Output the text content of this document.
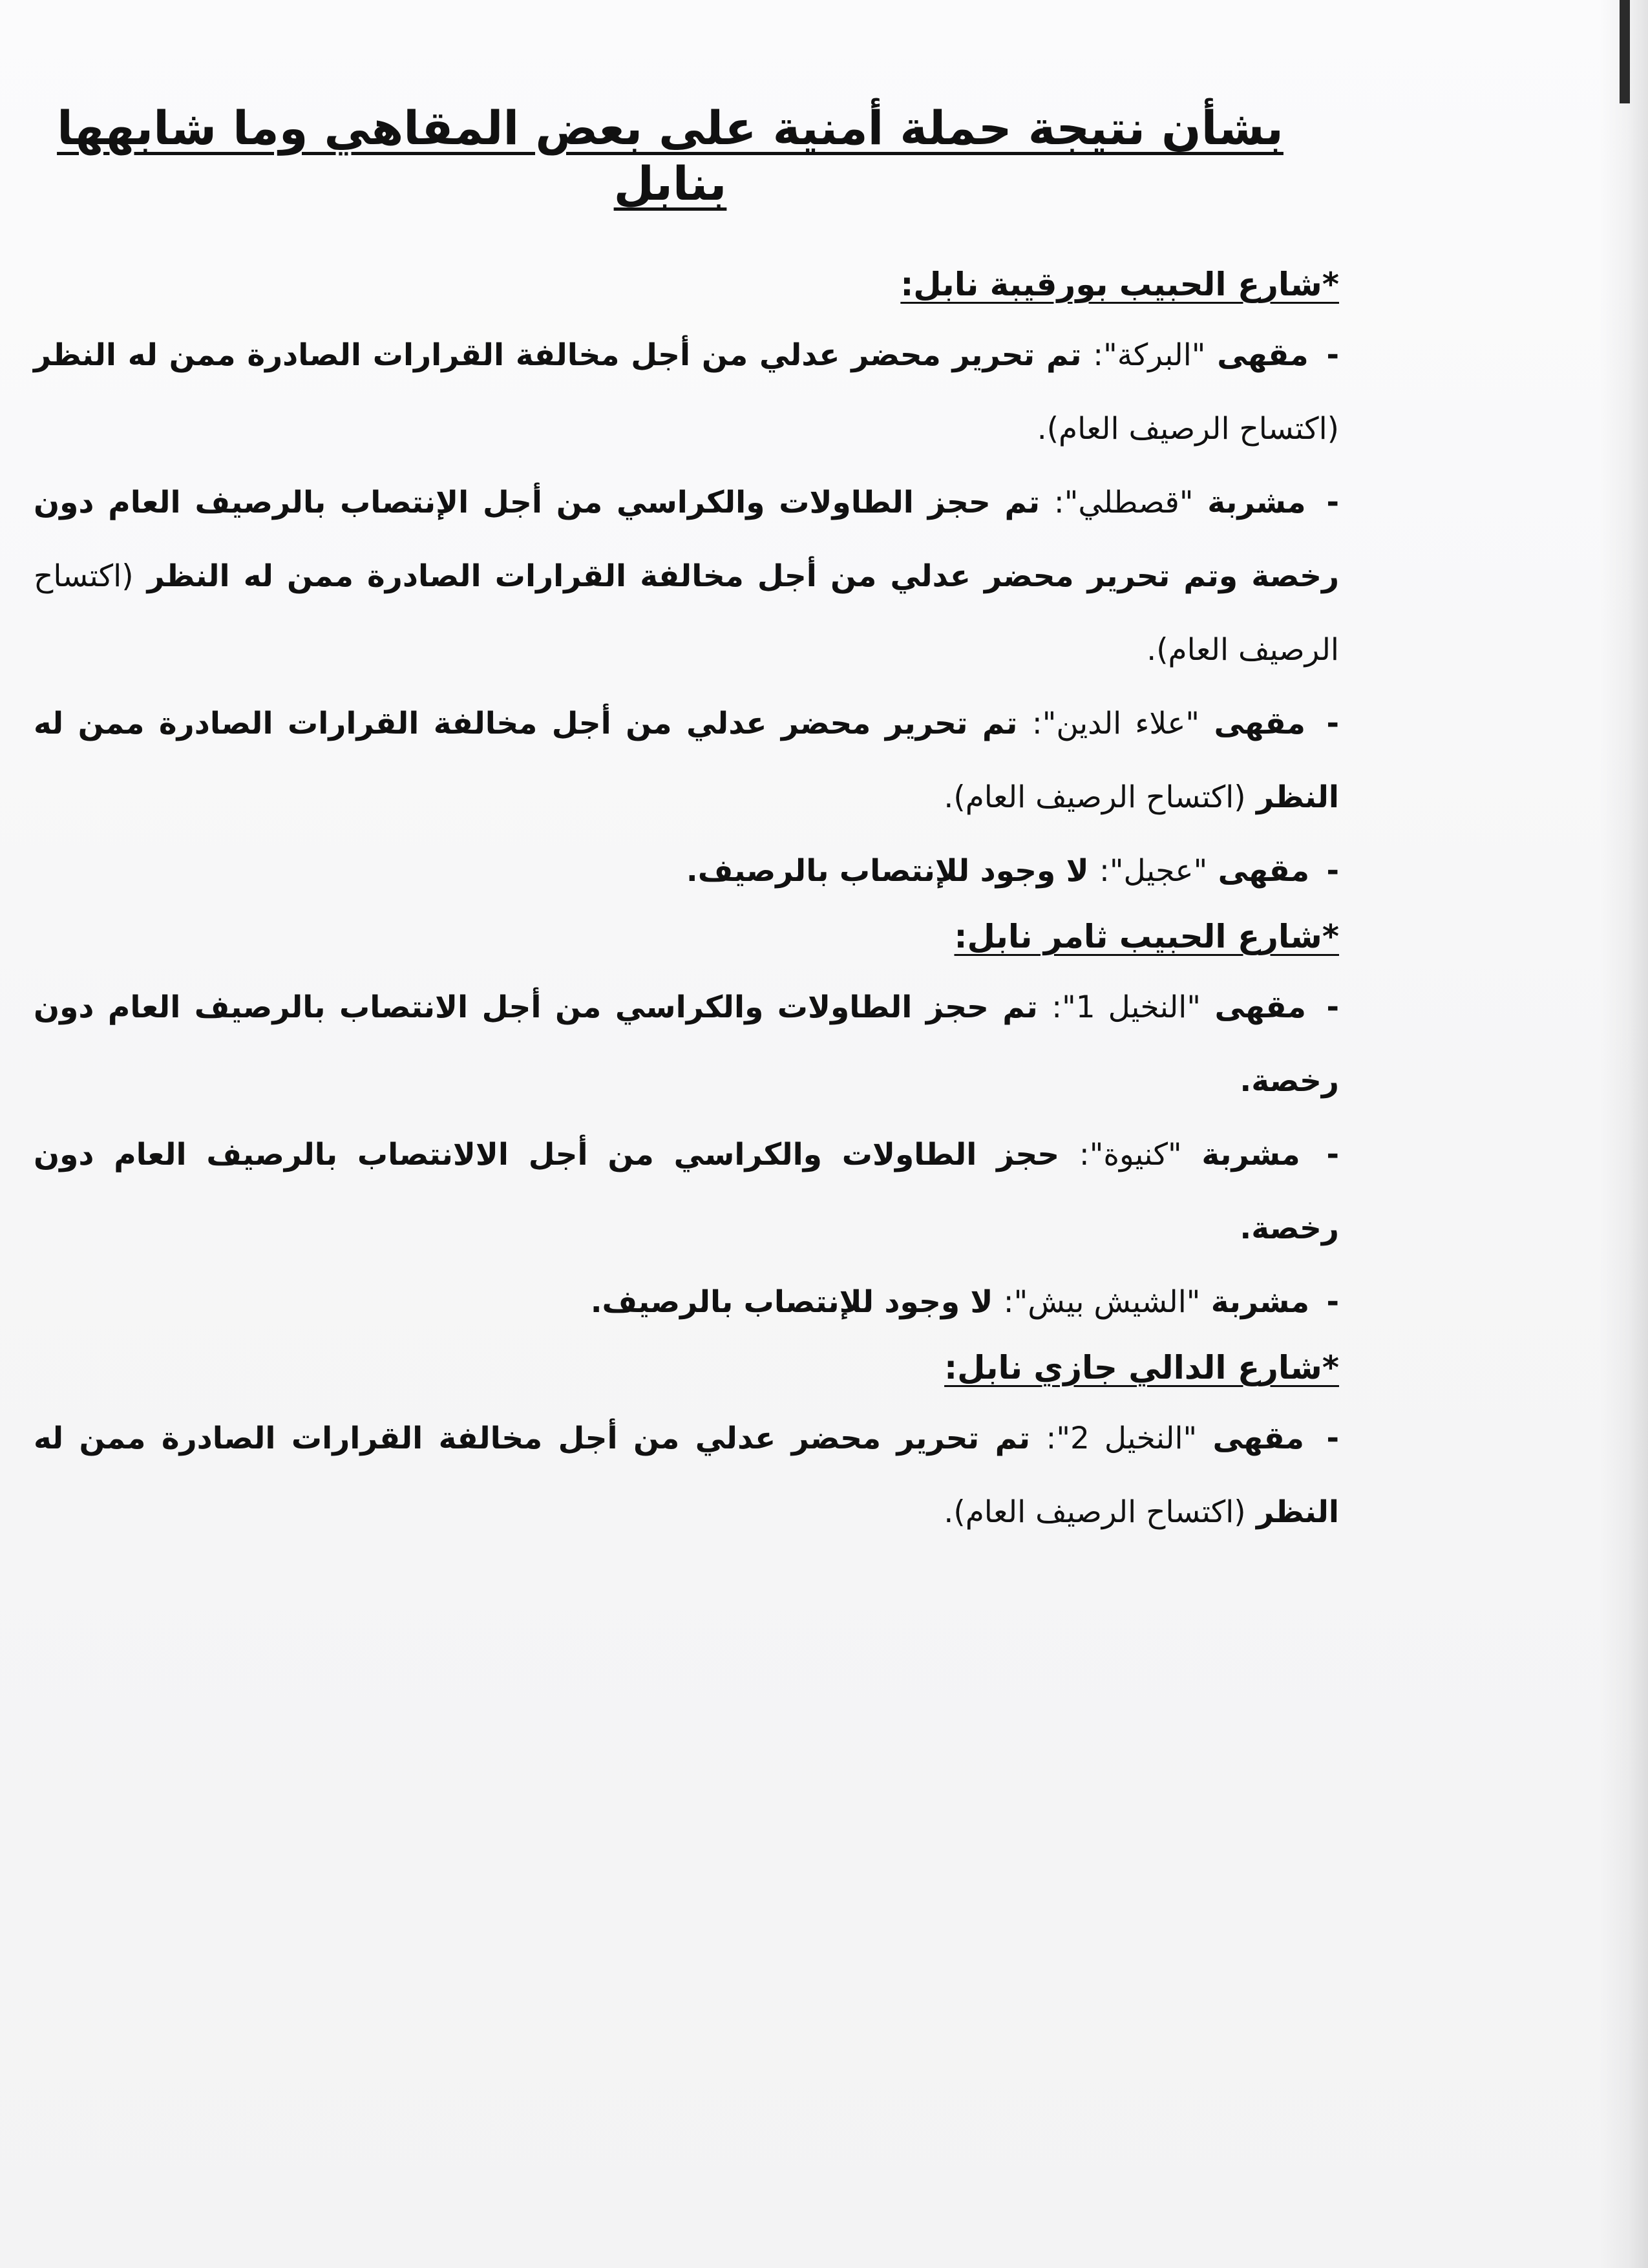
بشأن نتيجة حملة أمنية على بعض المقاهي وما شابهها بنابل

*شارع الحبيب بورقيبة نابل:

- مقهى "البركة": تم تحرير محضر عدلي من أجل مخالفة القرارات الصادرة ممن له النظر (اكتساح الرصيف العام).

- مشربة "قصطلي": تم حجز الطاولات والكراسي من أجل الإنتصاب بالرصيف العام دون رخصة وتم تحرير محضر عدلي من أجل مخالفة القرارات الصادرة ممن له النظر (اكتساح الرصيف العام).

- مقهى "علاء الدين": تم تحرير محضر عدلي من أجل مخالفة القرارات الصادرة ممن له النظر (اكتساح الرصيف العام).

- مقهى "عجيل": لا وجود للإنتصاب بالرصيف.

*شارع الحبيب ثامر نابل:

- مقهى "النخيل 1": تم حجز الطاولات والكراسي من أجل الانتصاب بالرصيف العام دون رخصة.

- مشربة "كنيوة": حجز الطاولات والكراسي من أجل الالانتصاب بالرصيف العام دون رخصة.

- مشربة "الشيش بيش": لا وجود للإنتصاب بالرصيف.

*شارع الدالي جازي نابل:

- مقهى "النخيل 2": تم تحرير محضر عدلي من أجل مخالفة القرارات الصادرة ممن له النظر (اكتساح الرصيف العام).
